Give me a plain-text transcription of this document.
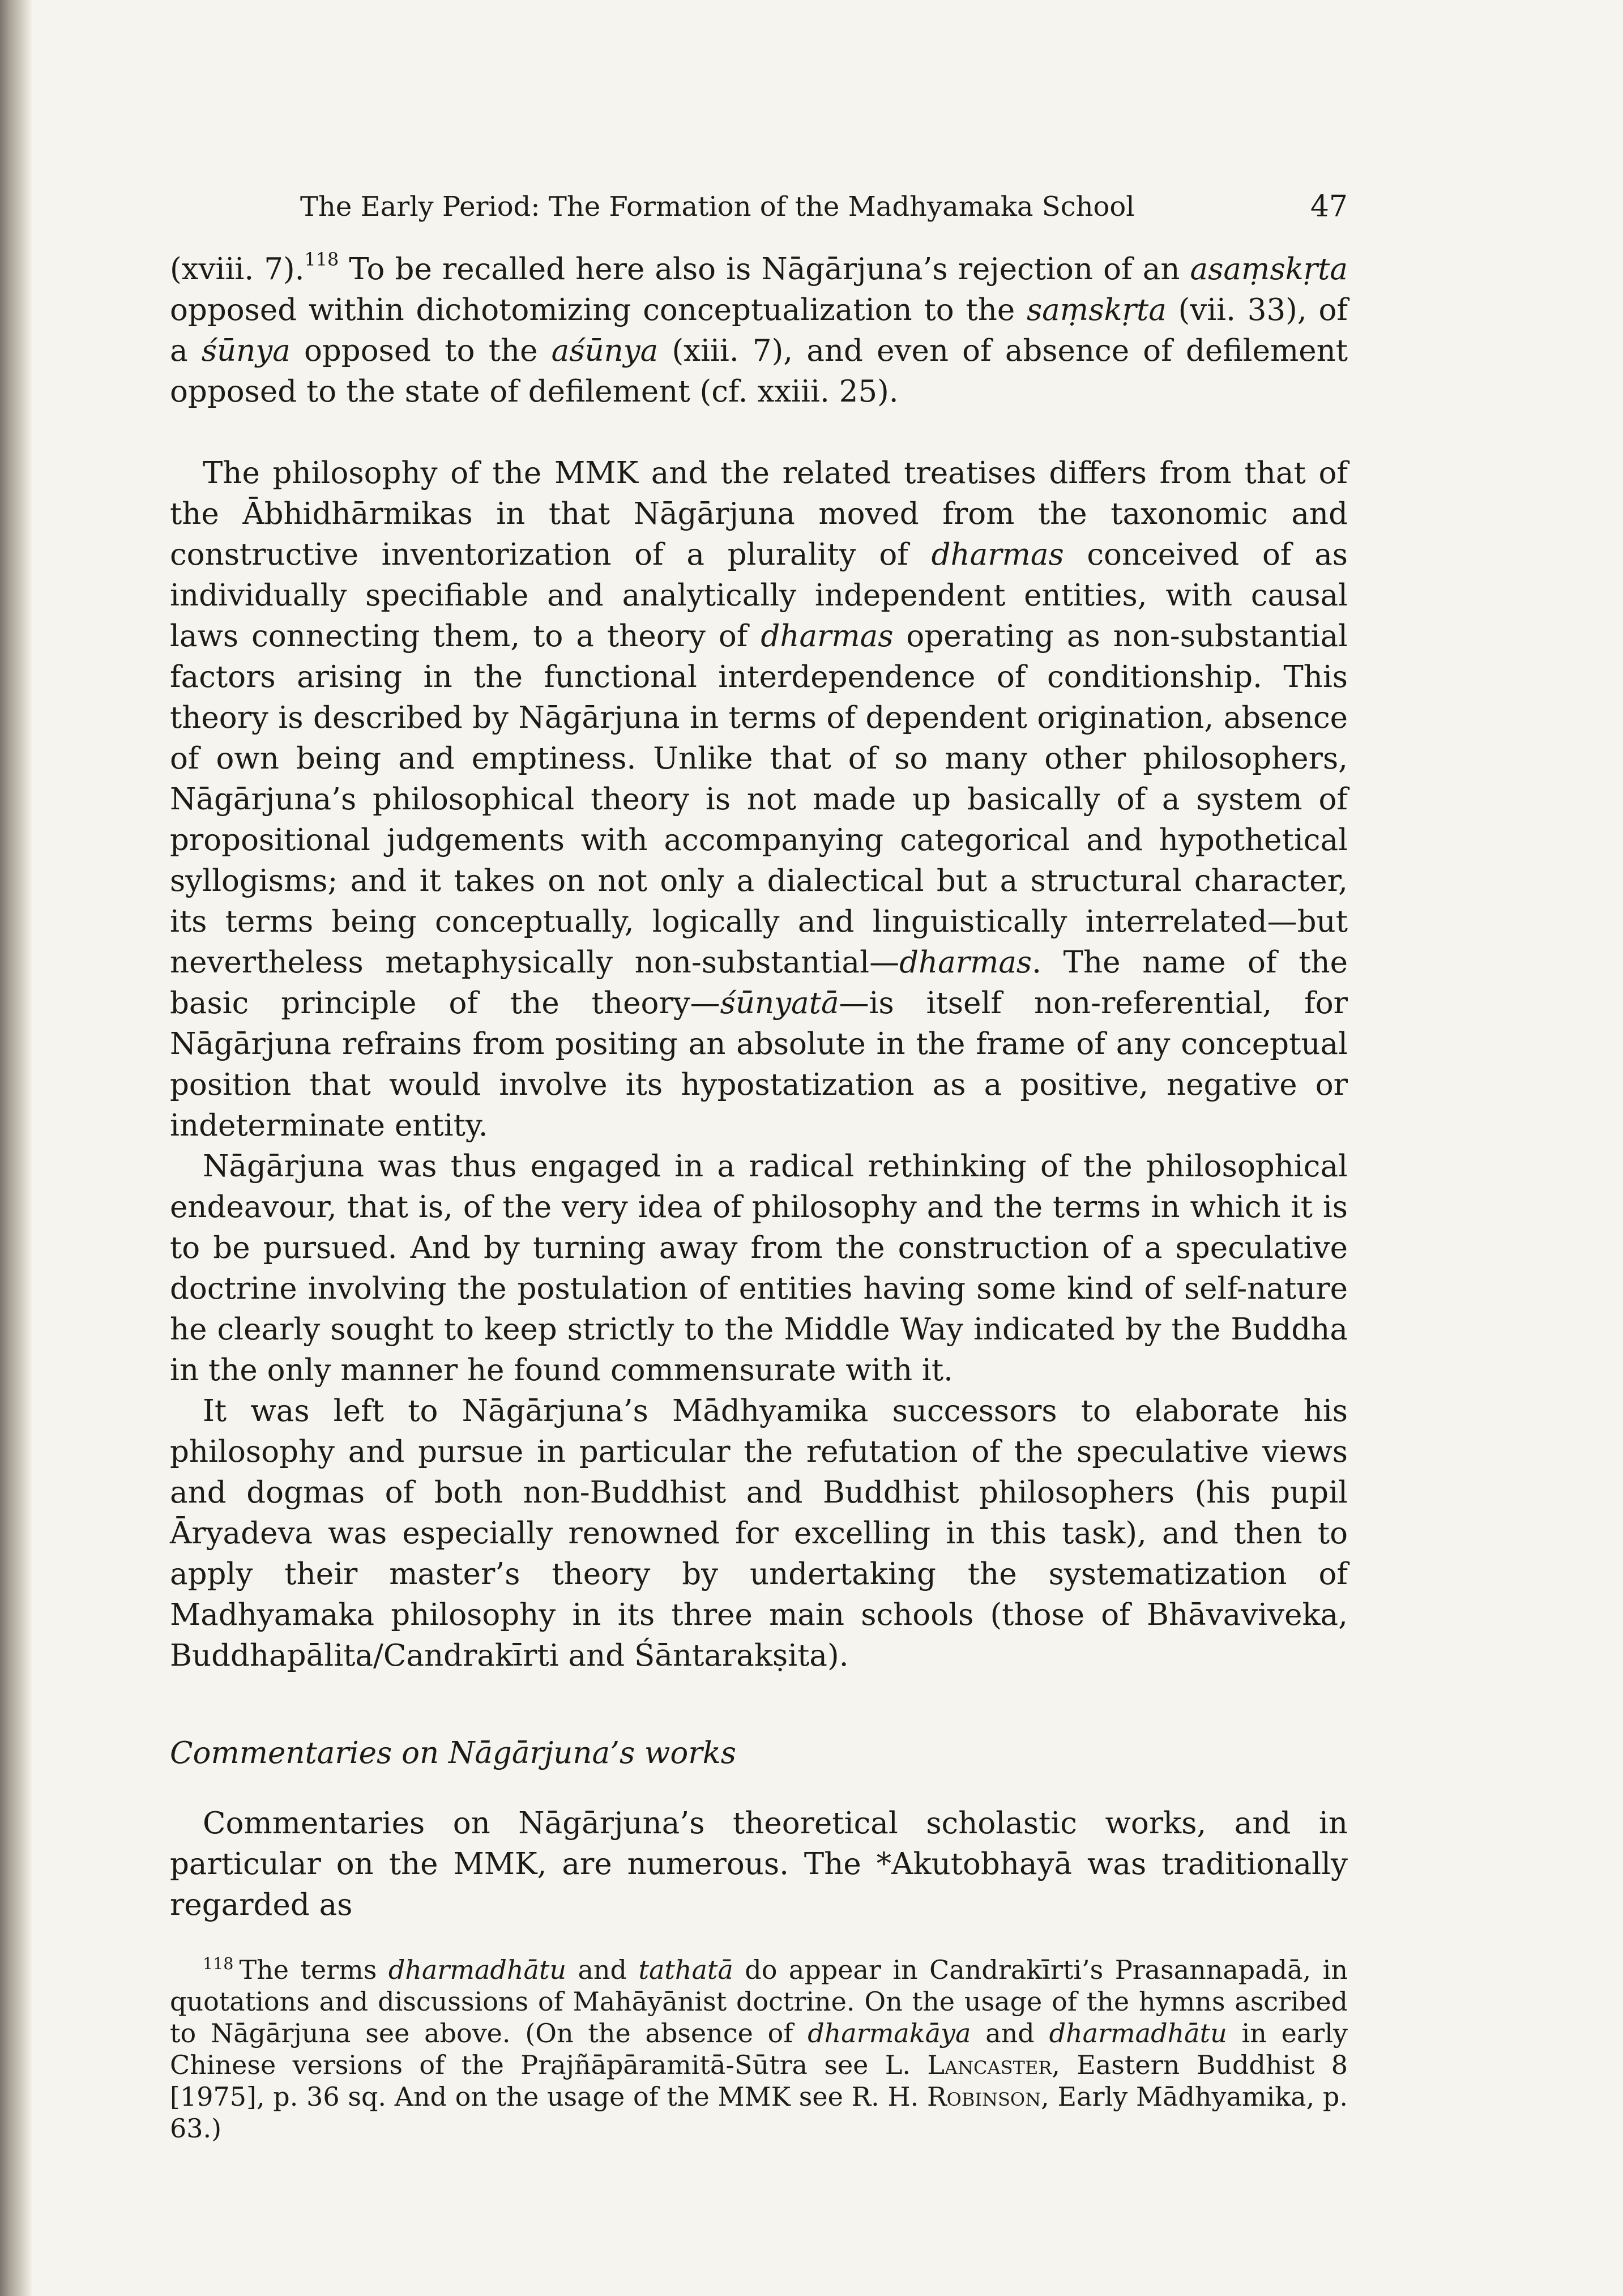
The Early Period: The Formation of the Madhyamaka School	47

(xviii. 7).$^{118}$ To be recalled here also is Nāgārjuna’s rejection of an asaṃskṛta opposed within dichotomizing conceptualization to the saṃskṛta (vii. 33), of a śūnya opposed to the aśūnya (xiii. 7), and even of absence of defilement opposed to the state of defilement (cf. xxiii. 25).

The philosophy of the MMK and the related treatises differs from that of the Ābhidhārmikas in that Nāgārjuna moved from the taxonomic and constructive inventorization of a plurality of dharmas conceived of as individually specifiable and analytically independent entities, with causal laws connecting them, to a theory of dharmas operating as non-substantial factors arising in the functional interdependence of conditionship. This theory is described by Nāgārjuna in terms of dependent origination, absence of own being and emptiness. Unlike that of so many other philosophers, Nāgārjuna’s philosophical theory is not made up basically of a system of propositional judgements with accompanying categorical and hypothetical syllogisms; and it takes on not only a dialectical but a structural character, its terms being conceptually, logically and linguistically interrelated—but nevertheless metaphysically non-substantial—dharmas. The name of the basic principle of the theory—śūnyatā—is itself non-referential, for Nāgārjuna refrains from positing an absolute in the frame of any conceptual position that would involve its hypostatization as a positive, negative or indeterminate entity.

Nāgārjuna was thus engaged in a radical rethinking of the philosophical endeavour, that is, of the very idea of philosophy and the terms in which it is to be pursued. And by turning away from the construction of a speculative doctrine involving the postulation of entities having some kind of self-nature he clearly sought to keep strictly to the Middle Way indicated by the Buddha in the only manner he found commensurate with it.

It was left to Nāgārjuna’s Mādhyamika successors to elaborate his philosophy and pursue in particular the refutation of the speculative views and dogmas of both non-Buddhist and Buddhist philosophers (his pupil Āryadeva was especially renowned for excelling in this task), and then to apply their master’s theory by undertaking the systematization of Madhyamaka philosophy in its three main schools (those of Bhāvaviveka, Buddhapālita/Candrakīrti and Śāntarakṣita).

Commentaries on Nāgārjuna’s works

Commentaries on Nāgārjuna’s theoretical scholastic works, and in particular on the MMK, are numerous. The *Akutobhayā was traditionally regarded as

$^{118}$ The terms dharmadhātu and tathatā do appear in Candrakīrti’s Prasannapadā, in quotations and discussions of Mahāyānist doctrine. On the usage of the hymns ascribed to Nāgārjuna see above. (On the absence of dharmakāya and dharmadhātu in early Chinese versions of the Prajñāpāramitā-Sūtra see L. Lancaster, Eastern Buddhist 8 [1975], p. 36 sq. And on the usage of the MMK see R. H. Robinson, Early Mādhyamika, p. 63.)
